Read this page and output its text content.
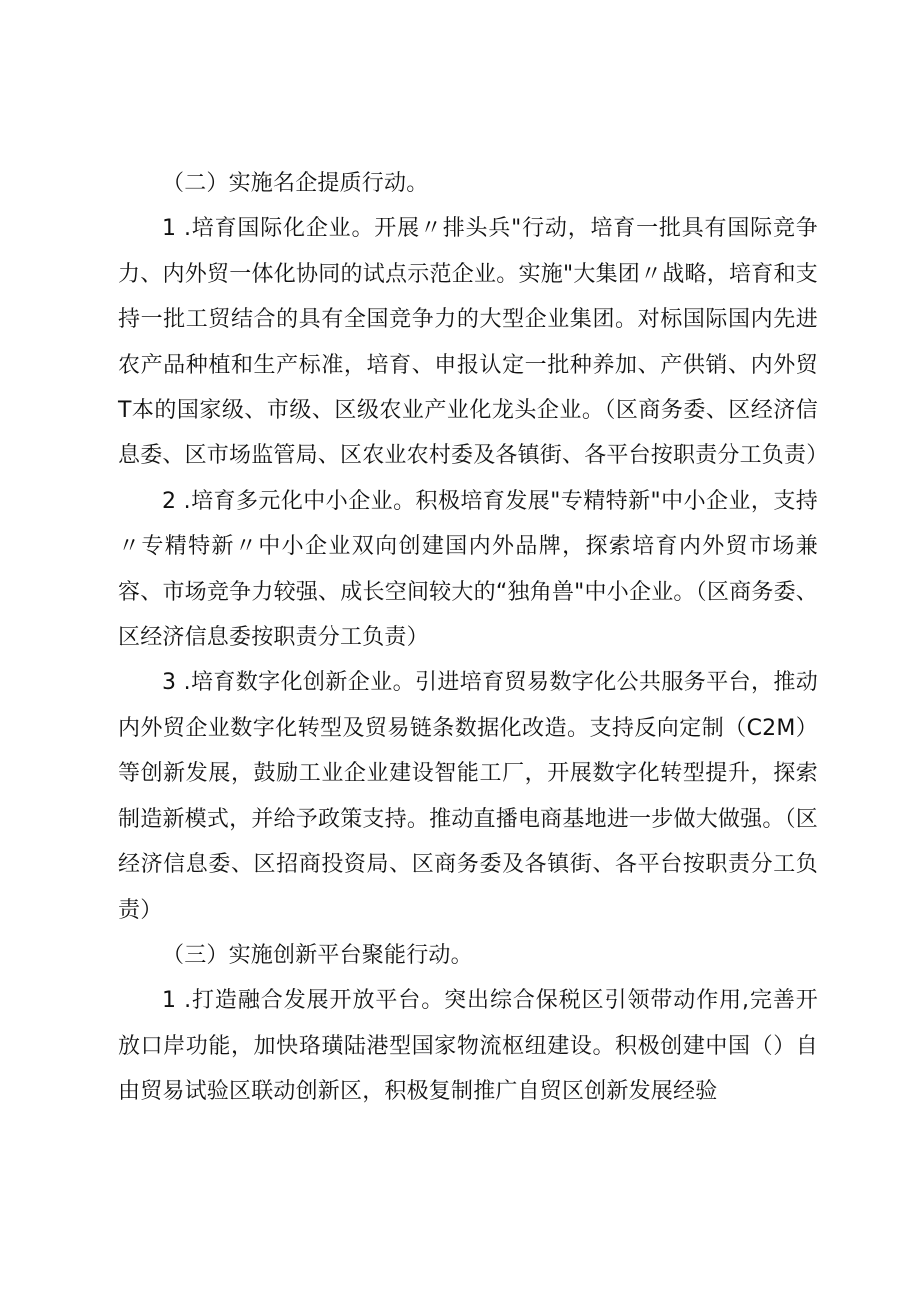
（二）实施名企提质行动。

1 .培育国际化企业。开展〃排头兵"行动，培育一批具有国际竞争力、内外贸一体化协同的试点示范企业。实施"大集团〃战略，培育和支持一批工贸结合的具有全国竞争力的大型企业集团。对标国际国内先进农产品种植和生产标准，培育、申报认定一批种养加、产供销、内外贸T本的国家级、市级、区级农业产业化龙头企业。（区商务委、区经济信息委、区市场监管局、区农业农村委及各镇街、各平台按职责分工负责）

2 .培育多元化中小企业。积极培育发展"专精特新"中小企业，支持〃专精特新〃中小企业双向创建国内外品牌，探索培育内外贸市场兼容、市场竞争力较强、成长空间较大的“独角兽"中小企业。（区商务委、区经济信息委按职责分工负责）

3 .培育数字化创新企业。引进培育贸易数字化公共服务平台，推动内外贸企业数字化转型及贸易链条数据化改造。支持反向定制（C2M）等创新发展，鼓励工业企业建设智能工厂，开展数字化转型提升，探索制造新模式，并给予政策支持。推动直播电商基地进一步做大做强。（区经济信息委、区招商投资局、区商务委及各镇街、各平台按职责分工负责）

（三）实施创新平台聚能行动。

1 .打造融合发展开放平台。突出综合保税区引领带动作用,完善开放口岸功能，加快珞璜陆港型国家物流枢纽建设。积极创建中国（）自由贸易试验区联动创新区，积极复制推广自贸区创新发展经验
